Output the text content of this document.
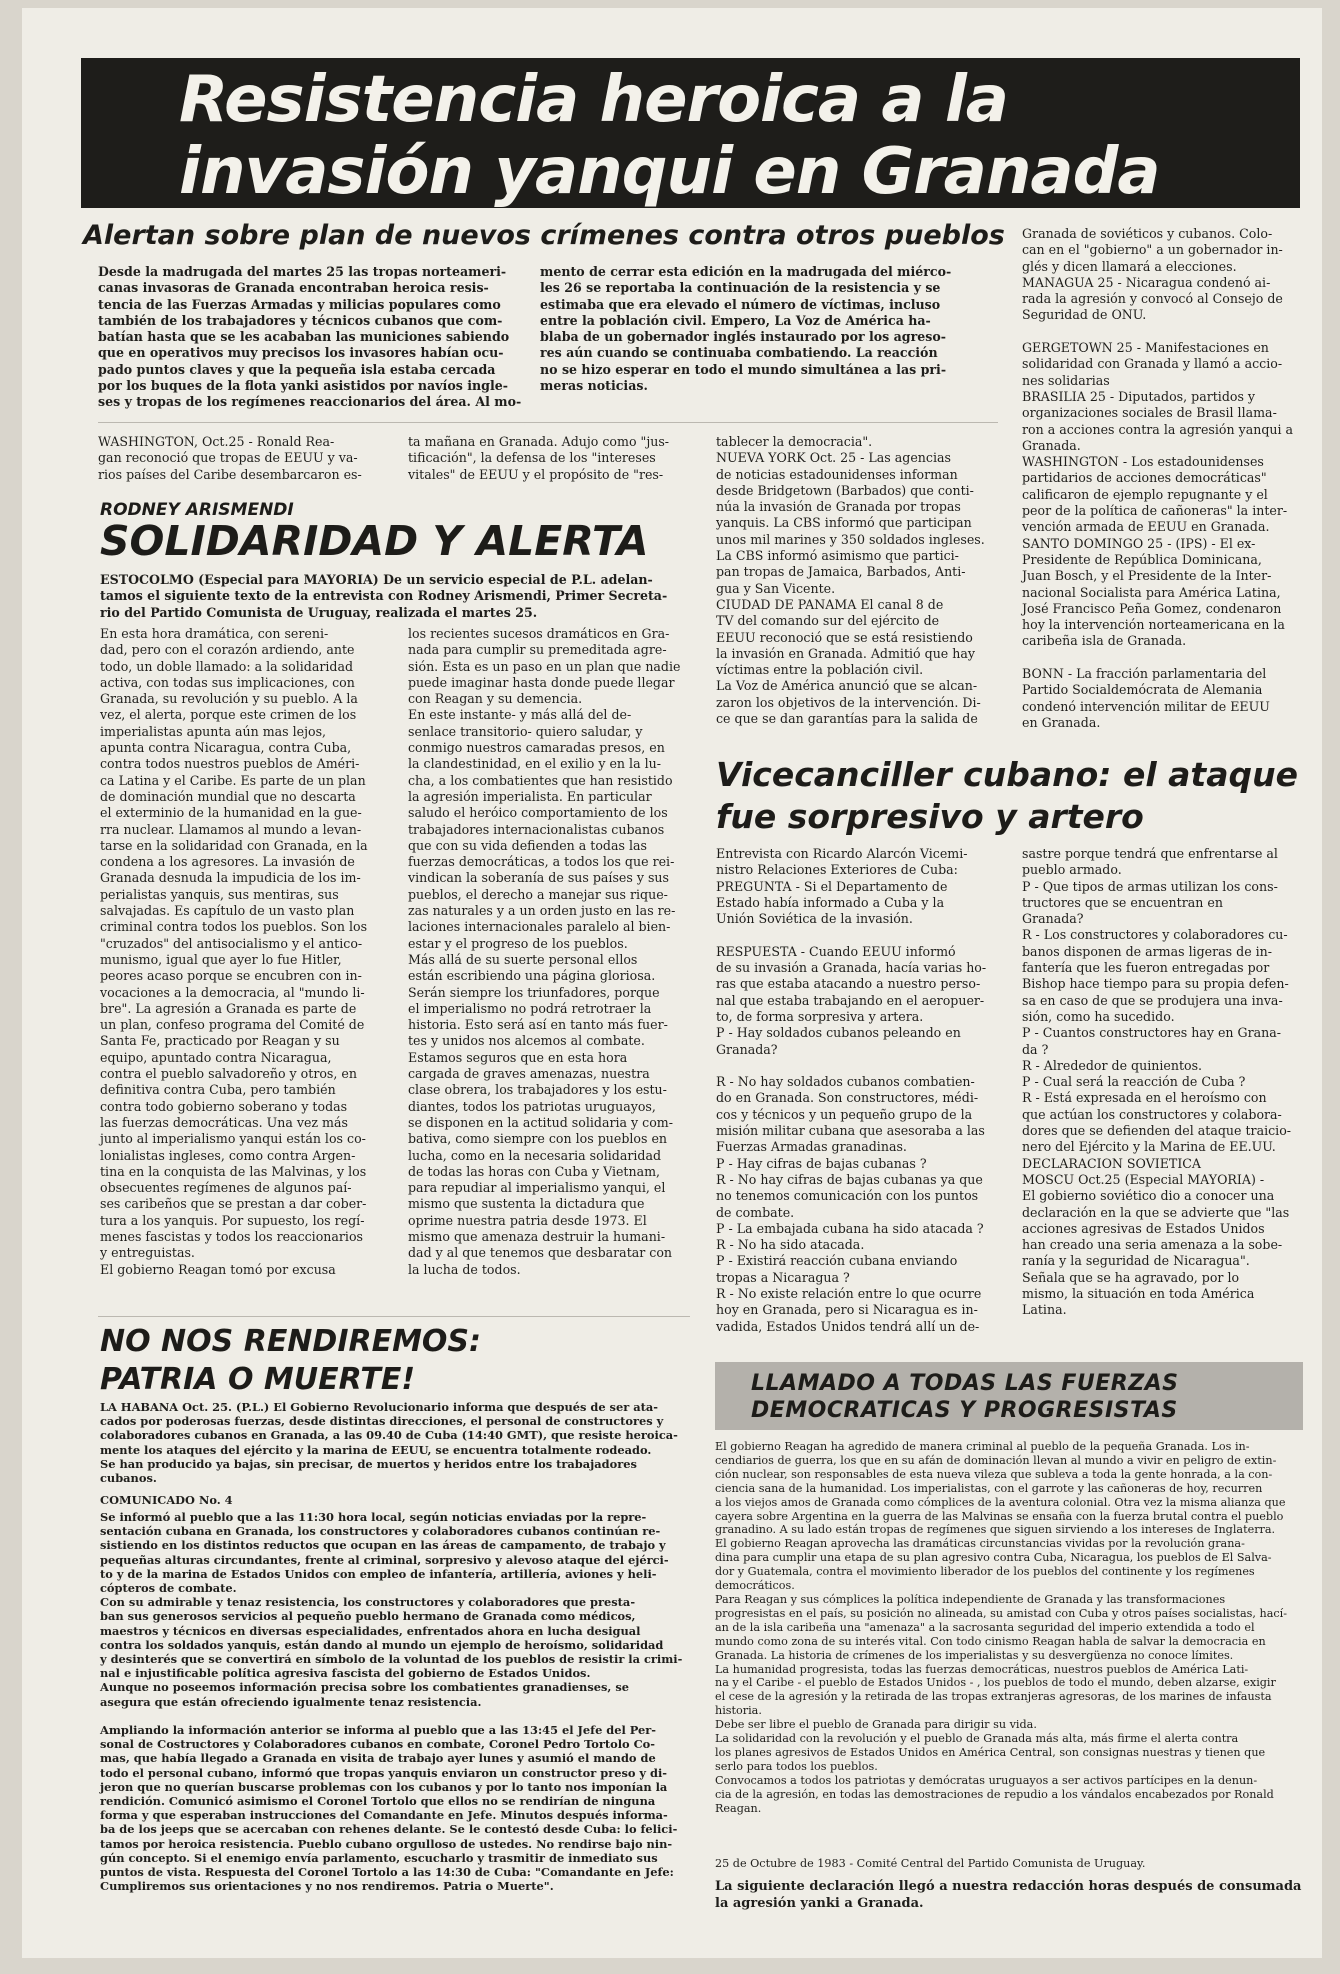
Resistencia heroica a la
invasión yanqui en Granada
Alertan sobre plan de nuevos crímenes contra otros pueblos

Desde la madrugada del martes 25 las tropas norteameri-
canas invasoras de Granada encontraban heroica resis-
tencia de las Fuerzas Armadas y milicias populares como
también de los trabajadores y técnicos cubanos que com-
batían hasta que se les acababan las municiones sabiendo
que en operativos muy precisos los invasores habían ocu-
pado puntos claves y que la pequeña isla estaba cercada
por los buques de la flota yanki asistidos por navíos ingle-
ses y tropas de los regímenes reaccionarios del área. Al mo-

mento de cerrar esta edición en la madrugada del miérco-
les 26 se reportaba la continuación de la resistencia y se
estimaba que era elevado el número de víctimas, incluso
entre la población civil. Empero, La Voz de América ha-
blaba de un gobernador inglés instaurado por los agreso-
res aún cuando se continuaba combatiendo. La reacción
no se hizo esperar en todo el mundo simultánea a las pri-
meras noticias.

WASHINGTON, Oct.25 - Ronald Rea-
gan reconoció que tropas de EEUU y va-
rios países del Caribe desembarcaron es-

ta mañana en Granada. Adujo como "jus-
tificación", la defensa de los "intereses
vitales" de EEUU y el propósito de "res-

tablecer la democracia".
NUEVA YORK Oct. 25 - Las agencias
de noticias estadounidenses informan
desde Bridgetown (Barbados) que conti-
núa la invasión de Granada por tropas
yanquis. La CBS informó que participan
unos mil marines y 350 soldados ingleses.
La CBS informó asimismo que partici-
pan tropas de Jamaica, Barbados, Anti-
gua y San Vicente.
CIUDAD DE PANAMA El canal 8 de
TV del comando sur del ejército de
EEUU reconoció que se está resistiendo
la invasión en Granada. Admitió que hay
víctimas entre la población civil.
La Voz de América anunció que se alcan-
zaron los objetivos de la intervención. Di-
ce que se dan garantías para la salida de

Granada de soviéticos y cubanos. Colo-
can en el "gobierno" a un gobernador in-
glés y dicen llamará a elecciones.
MANAGUA 25 - Nicaragua condenó ai-
rada la agresión y convocó al Consejo de
Seguridad de ONU.

GERGETOWN 25 - Manifestaciones en
solidaridad con Granada y llamó a accio-
nes solidarias
BRASILIA 25 - Diputados, partidos y
organizaciones sociales de Brasil llama-
ron a acciones contra la agresión yanqui a
Granada.
WASHINGTON - Los estadounidenses
partidarios de acciones democráticas"
calificaron de ejemplo repugnante y el
peor de la política de cañoneras" la inter-
vención armada de EEUU en Granada.
SANTO DOMINGO 25 - (IPS) - El ex-
Presidente de República Dominicana,
Juan Bosch, y el Presidente de la Inter-
nacional Socialista para América Latina,
José Francisco Peña Gomez, condenaron
hoy la intervención norteamericana en la
caribeña isla de Granada.

BONN - La fracción parlamentaria del
Partido Socialdemócrata de Alemania
condenó intervención militar de EEUU
en Granada.

RODNEY ARISMENDI
SOLIDARIDAD Y ALERTA

ESTOCOLMO (Especial para MAYORIA) De un servicio especial de P.L. adelan-
tamos el siguiente texto de la entrevista con Rodney Arismendi, Primer Secreta-
rio del Partido Comunista de Uruguay, realizada el martes 25.

En esta hora dramática, con sereni-
dad, pero con el corazón ardiendo, ante
todo, un doble llamado: a la solidaridad
activa, con todas sus implicaciones, con
Granada, su revolución y su pueblo. A la
vez, el alerta, porque este crimen de los
imperialistas apunta aún mas lejos,
apunta contra Nicaragua, contra Cuba,
contra todos nuestros pueblos de Améri-
ca Latina y el Caribe. Es parte de un plan
de dominación mundial que no descarta
el exterminio de la humanidad en la gue-
rra nuclear. Llamamos al mundo a levan-
tarse en la solidaridad con Granada, en la
condena a los agresores. La invasión de
Granada desnuda la impudicia de los im-
perialistas yanquis, sus mentiras, sus
salvajadas. Es capítulo de un vasto plan
criminal contra todos los pueblos. Son los
"cruzados" del antisocialismo y el antico-
munismo, igual que ayer lo fue Hitler,
peores acaso porque se encubren con in-
vocaciones a la democracia, al "mundo li-
bre". La agresión a Granada es parte de
un plan, confeso programa del Comité de
Santa Fe, practicado por Reagan y su
equipo, apuntado contra Nicaragua,
contra el pueblo salvadoreño y otros, en
definitiva contra Cuba, pero también
contra todo gobierno soberano y todas
las fuerzas democráticas. Una vez más
junto al imperialismo yanqui están los co-
lonialistas ingleses, como contra Argen-
tina en la conquista de las Malvinas, y los
obsecuentes regímenes de algunos paí-
ses caribeños que se prestan a dar cober-
tura a los yanquis. Por supuesto, los regí-
menes fascistas y todos los reaccionarios
y entreguistas.
El gobierno Reagan tomó por excusa

los recientes sucesos dramáticos en Gra-
nada para cumplir su premeditada agre-
sión. Esta es un paso en un plan que nadie
puede imaginar hasta donde puede llegar
con Reagan y su demencia.
En este instante- y más allá del de-
senlace transitorio- quiero saludar, y
conmigo nuestros camaradas presos, en
la clandestinidad, en el exilio y en la lu-
cha, a los combatientes que han resistido
la agresión imperialista. En particular
saludo el heróico comportamiento de los
trabajadores internacionalistas cubanos
que con su vida defienden a todas las
fuerzas democráticas, a todos los que rei-
vindican la soberanía de sus países y sus
pueblos, el derecho a manejar sus rique-
zas naturales y a un orden justo en las re-
laciones internacionales paralelo al bien-
estar y el progreso de los pueblos.
Más allá de su suerte personal ellos
están escribiendo una página gloriosa.
Serán siempre los triunfadores, porque
el imperialismo no podrá retrotraer la
historia. Esto será así en tanto más fuer-
tes y unidos nos alcemos al combate.
Estamos seguros que en esta hora
cargada de graves amenazas, nuestra
clase obrera, los trabajadores y los estu-
diantes, todos los patriotas uruguayos,
se disponen en la actitud solidaria y com-
bativa, como siempre con los pueblos en
lucha, como en la necesaria solidaridad
de todas las horas con Cuba y Vietnam,
para repudiar al imperialismo yanqui, el
mismo que sustenta la dictadura que
oprime nuestra patria desde 1973. El
mismo que amenaza destruir la humani-
dad y al que tenemos que desbaratar con
la lucha de todos.

Vicecanciller cubano: el ataque
fue sorpresivo y artero

Entrevista con Ricardo Alarcón Vicemi-
nistro Relaciones Exteriores de Cuba:
PREGUNTA - Si el Departamento de
Estado había informado a Cuba y la
Unión Soviética de la invasión.

RESPUESTA - Cuando EEUU informó
de su invasión a Granada, hacía varias ho-
ras que estaba atacando a nuestro perso-
nal que estaba trabajando en el aeropuer-
to, de forma sorpresiva y artera.
P - Hay soldados cubanos peleando en
Granada?

R - No hay soldados cubanos combatien-
do en Granada. Son constructores, médi-
cos y técnicos y un pequeño grupo de la
misión militar cubana que asesoraba a las
Fuerzas Armadas granadinas.
P - Hay cifras de bajas cubanas ?
R - No hay cifras de bajas cubanas ya que
no tenemos comunicación con los puntos
de combate.
P - La embajada cubana ha sido atacada ?
R - No ha sido atacada.
P - Existirá reacción cubana enviando
tropas a Nicaragua ?
R - No existe relación entre lo que ocurre
hoy en Granada, pero si Nicaragua es in-
vadida, Estados Unidos tendrá allí un de-

sastre porque tendrá que enfrentarse al
pueblo armado.
P - Que tipos de armas utilizan los cons-
tructores que se encuentran en
Granada?
R - Los constructores y colaboradores cu-
banos disponen de armas ligeras de in-
fantería que les fueron entregadas por
Bishop hace tiempo para su propia defen-
sa en caso de que se produjera una inva-
sión, como ha sucedido.
P - Cuantos constructores hay en Grana-
da ?
R - Alrededor de quinientos.
P - Cual será la reacción de Cuba ?
R - Está expresada en el heroísmo con
que actúan los constructores y colabora-
dores que se defienden del ataque traicio-
nero del Ejército y la Marina de EE.UU.
DECLARACION SOVIETICA
MOSCU Oct.25 (Especial MAYORIA) -
El gobierno soviético dio a conocer una
declaración en la que se advierte que "las
acciones agresivas de Estados Unidos
han creado una seria amenaza a la sobe-
ranía y la seguridad de Nicaragua".
Señala que se ha agravado, por lo
mismo, la situación en toda América
Latina.

NO NOS RENDIREMOS:
PATRIA O MUERTE!

LA HABANA Oct. 25. (P.L.) El Gobierno Revolucionario informa que después de ser ata-
cados por poderosas fuerzas, desde distintas direcciones, el personal de constructores y
colaboradores cubanos en Granada, a las 09.40 de Cuba (14:40 GMT), que resiste heroica-
mente los ataques del ejército y la marina de EEUU, se encuentra totalmente rodeado.
Se han producido ya bajas, sin precisar, de muertos y heridos entre los trabajadores
cubanos.

COMUNICADO No. 4

Se informó al pueblo que a las 11:30 hora local, según noticias enviadas por la repre-
sentación cubana en Granada, los constructores y colaboradores cubanos continúan re-
sistiendo en los distintos reductos que ocupan en las áreas de campamento, de trabajo y
pequeñas alturas circundantes, frente al criminal, sorpresivo y alevoso ataque del ejérci-
to y de la marina de Estados Unidos con empleo de infantería, artillería, aviones y heli-
cópteros de combate.
Con su admirable y tenaz resistencia, los constructores y colaboradores que presta-
ban sus generosos servicios al pequeño pueblo hermano de Granada como médicos,
maestros y técnicos en diversas especialidades, enfrentados ahora en lucha desigual
contra los soldados yanquis, están dando al mundo un ejemplo de heroísmo, solidaridad
y desinterés que se convertirá en símbolo de la voluntad de los pueblos de resistir la crimi-
nal e injustificable política agresiva fascista del gobierno de Estados Unidos.
Aunque no poseemos información precisa sobre los combatientes granadienses, se
asegura que están ofreciendo igualmente tenaz resistencia.

Ampliando la información anterior se informa al pueblo que a las 13:45 el Jefe del Per-
sonal de Costructores y Colaboradores cubanos en combate, Coronel Pedro Tortolo Co-
mas, que había llegado a Granada en visita de trabajo ayer lunes y asumió el mando de
todo el personal cubano, informó que tropas yanquis enviaron un constructor preso y di-
jeron que no querían buscarse problemas con los cubanos y por lo tanto nos imponían la
rendición. Comunicó asimismo el Coronel Tortolo que ellos no se rendirían de ninguna
forma y que esperaban instrucciones del Comandante en Jefe. Minutos después informa-
ba de los jeeps que se acercaban con rehenes delante. Se le contestó desde Cuba: lo felici-
tamos por heroica resistencia. Pueblo cubano orgulloso de ustedes. No rendirse bajo nin-
gún concepto. Si el enemigo envía parlamento, escucharlo y trasmitir de inmediato sus
puntos de vista. Respuesta del Coronel Tortolo a las 14:30 de Cuba: "Comandante en Jefe:
Cumpliremos sus orientaciones y no nos rendiremos. Patria o Muerte".

LLAMADO A TODAS LAS FUERZAS
DEMOCRATICAS Y PROGRESISTAS

El gobierno Reagan ha agredido de manera criminal al pueblo de la pequeña Granada. Los in-
cendiarios de guerra, los que en su afán de dominación llevan al mundo a vivir en peligro de extin-
ción nuclear, son responsables de esta nueva vileza que subleva a toda la gente honrada, a la con-
ciencia sana de la humanidad. Los imperialistas, con el garrote y las cañoneras de hoy, recurren
a los viejos amos de Granada como cómplices de la aventura colonial. Otra vez la misma alianza que
cayera sobre Argentina en la guerra de las Malvinas se ensaña con la fuerza brutal contra el pueblo
granadino. A su lado están tropas de regímenes que siguen sirviendo a los intereses de Inglaterra.
El gobierno Reagan aprovecha las dramáticas circunstancias vividas por la revolución grana-
dina para cumplir una etapa de su plan agresivo contra Cuba, Nicaragua, los pueblos de El Salva-
dor y Guatemala, contra el movimiento liberador de los pueblos del continente y los regímenes
democráticos.
Para Reagan y sus cómplices la política independiente de Granada y las transformaciones
progresistas en el país, su posición no alineada, su amistad con Cuba y otros países socialistas, hací-
an de la isla caribeña una "amenaza" a la sacrosanta seguridad del imperio extendida a todo el
mundo como zona de su interés vital. Con todo cinismo Reagan habla de salvar la democracia en
Granada. La historia de crímenes de los imperialistas y su desvergüenza no conoce límites.
La humanidad progresista, todas las fuerzas democráticas, nuestros pueblos de América Lati-
na y el Caribe - el pueblo de Estados Unidos - , los pueblos de todo el mundo, deben alzarse, exigir
el cese de la agresión y la retirada de las tropas extranjeras agresoras, de los marines de infausta
historia.
Debe ser libre el pueblo de Granada para dirigir su vida.
La solidaridad con la revolución y el pueblo de Granada más alta, más firme el alerta contra
los planes agresivos de Estados Unidos en América Central, son consignas nuestras y tienen que
serlo para todos los pueblos.
Convocamos a todos los patriotas y demócratas uruguayos a ser activos partícipes en la denun-
cia de la agresión, en todas las demostraciones de repudio a los vándalos encabezados por Ronald
Reagan.

25 de Octubre de 1983 - Comité Central del Partido Comunista de Uruguay.

La siguiente declaración llegó a nuestra redacción horas después de consumada
la agresión yanki a Granada.
